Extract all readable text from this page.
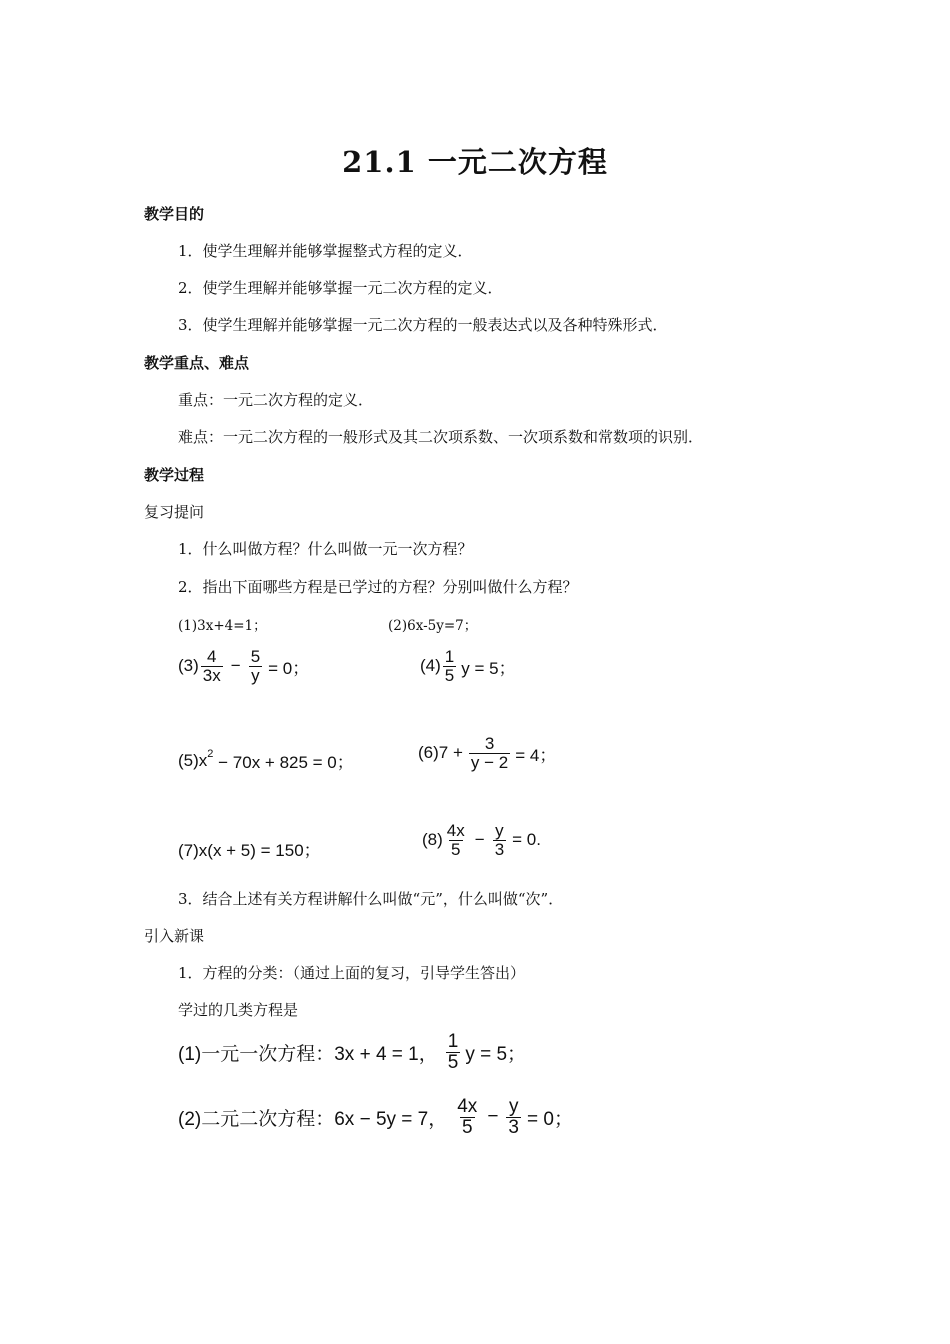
21.1 一元二次方程
教学目的
1．使学生理解并能够掌握整式方程的定义．
2．使学生理解并能够掌握一元二次方程的定义．
3．使学生理解并能够掌握一元二次方程的一般表达式以及各种特殊形式．
教学重点、难点
重点：一元二次方程的定义．
难点：一元二次方程的一般形式及其二次项系数、一次项系数和常数项的识别．
教学过程
复习提问
1．什么叫做方程？什么叫做一元一次方程？
2．指出下面哪些方程是已学过的方程？分别叫做什么方程？
(1)3x+4=1；	(2)6x-5y=7；
$(3) \frac{4}{3x} - \frac{5}{y} = 0$；	$(4) \frac{1}{5}$ y = 5；
$(5)x^2 - 70x + 825 = 0$；
$(6)7 + \frac{3}{y - 2} = 4$；
(7)x(x + 5) = 150；
$(8) \frac{4x}{5} - \frac{y}{3} = 0$.
3．结合上述有关方程讲解什么叫做“元”，什么叫做“次”．
引入新课
1．方程的分类：（通过上面的复习，引导学生答出）
学过的几类方程是
(1)一元一次方程：3x + 4 = 1， $\frac{1}{5}$ y = 5；
(2)二元二次方程：6x − 5y = 7， $\frac{4x}{5} - \frac{y}{3} = 0$；
